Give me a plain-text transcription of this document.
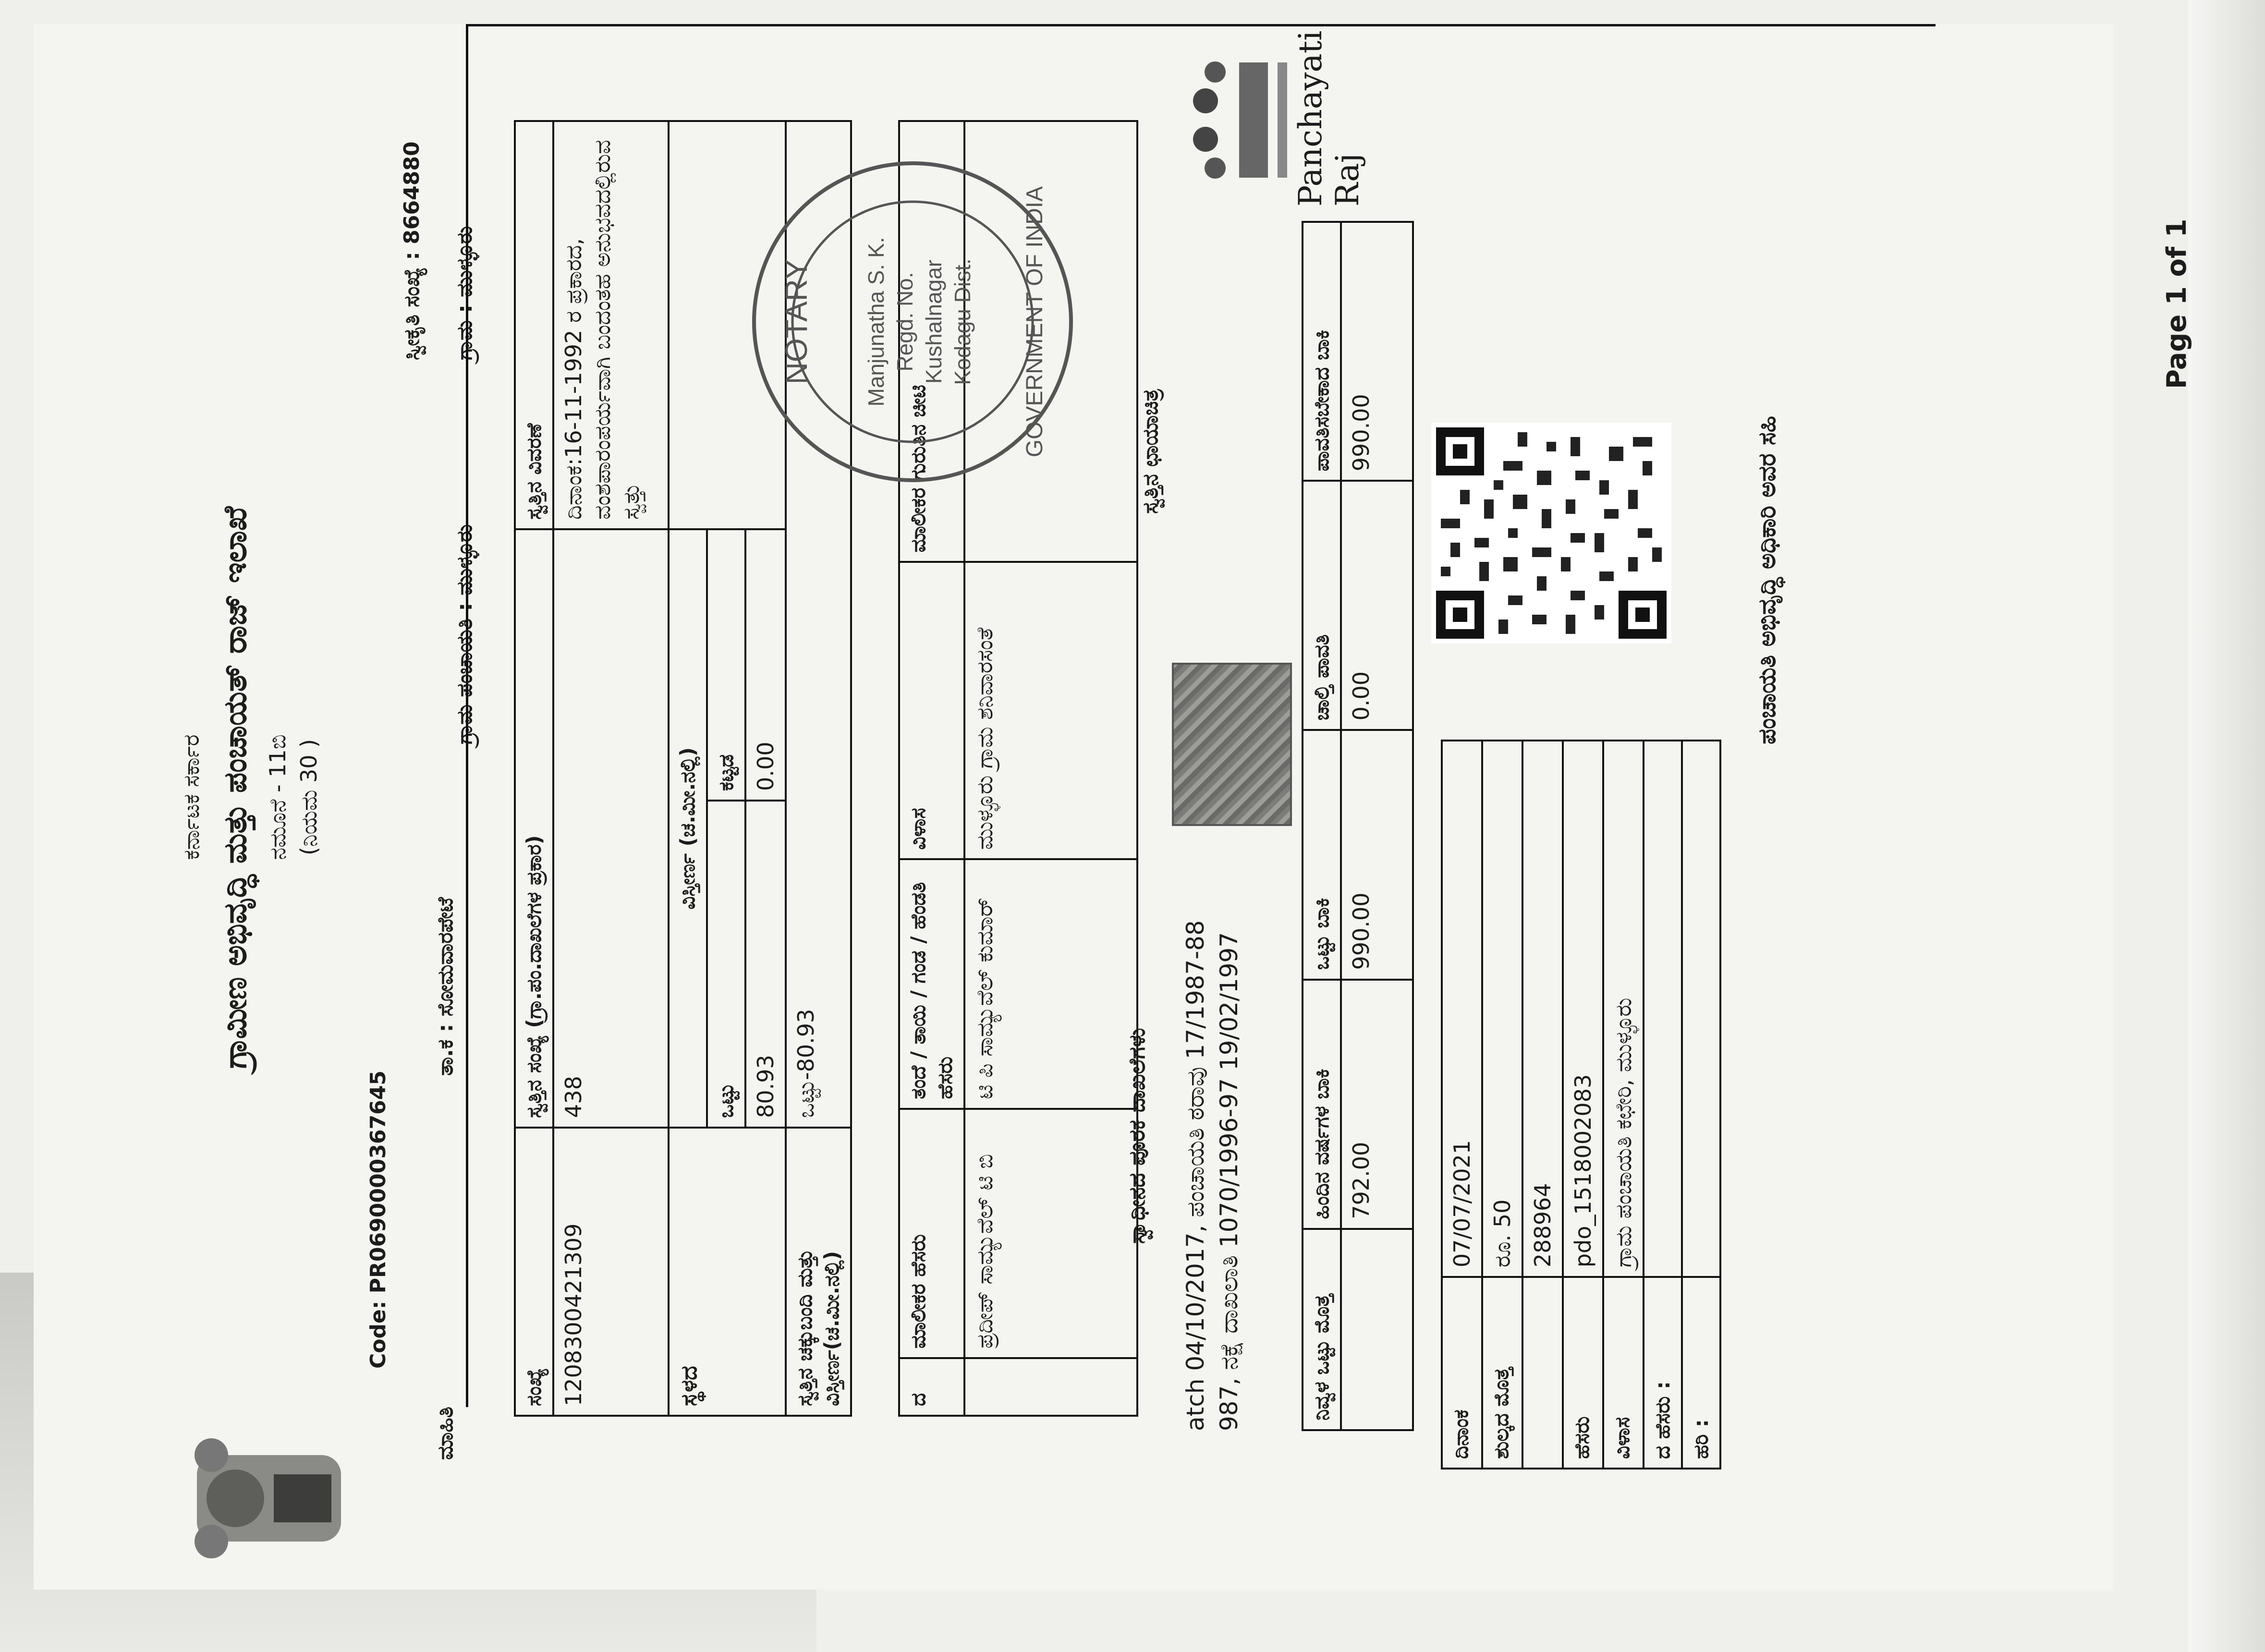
ಕರ್ನಾಟಕ ಸರ್ಕಾರ ಗ್ರಾಮೀಣ ಅಭಿವೃದ್ಧಿ ಮತ್ತು ಪಂಚಾಯತ್ ರಾಜ್ ಇಲಾಖೆ ನಮೂನೆ - 11ಬಿ (ನಿಯಮ 30 )
Code: PR0690000367645
ತಾ.ಕ : ಸೋಮವಾರಪೇಟೆ
ಗ್ರಾಮ ಪಂಚಾಯತಿ : ಮುಳ್ಳೂರು
ಗ್ರಾಮ : ಮುಳ್ಳೂರು
ಸ್ವೀಕೃತಿ ಸಂಖ್ಯೆ : 8664880
ಮಾಹಿತಿ
Panchayati Raj
ಸಂಖ್ಯೆ	ಸ್ವತ್ತಿನ ಸಂಖ್ಯೆ (ಗ್ರಾ.ಪಂ.ದಾಖಲೆಗಳ ಪ್ರಕಾರ)		ಸ್ವತ್ತಿನ ವಿವರಣೆ
1208300421309	438		ದಿನಾಂಕ:16-11-1992 ರ ಪ್ರಕಾರದ, ವಂಶಪಾರಂಪರ್ಯವಾಗಿ ಬಂದಂತಹ ಅನುಭವದಲ್ಲಿರುವ ಸ್ವತ್ತು
ಸ್ಥಳದ	ವಿಸ್ತೀರ್ಣ (ಚ.ಮೀ.ನಲ್ಲಿ)		
	ಒಟ್ಟು	ಕಟ್ಟಡ	
	80.93	0.00	
ಸ್ವತ್ತಿನ ಚಕ್ಕುಬಂದಿ ಮತ್ತು ವಿಸ್ತೀರ್ಣ(ಚ.ಮೀ.ನಲ್ಲಿ)	ಒಟ್ಟು-80.93		
ದ	ಮಾಲೀಕರ ಹೆಸರು	ತಂದೆ / ತಾಯಿ / ಗಂಡ / ಹೆಂಡತಿ ಹೆಸರು	ವಿಳಾಸ	ಮಾಲೀಕರ ಗುರುತಿನ ಚೀಟಿ
	ಪ್ರದೀಪ್ ಸಾಮ್ಯುವೆಲ್ ಟಿ ಬಿ	ಟಿ ಪಿ ಸಾಮ್ಯುವೆಲ್ ಕುಮಾರ್	ಮುಳ್ಳೂರು ಗ್ರಾಮ ಶನಿವಾರಸಂತೆ	
ಸ್ವಾಧೀನದ ಪೂರಕ ದಾಖಲೆಗಳು atch 04/10/2017, ಪಂಚಾಯತಿ ಠರಾವು 17/1987-88 987, ನಕ್ಷೆ ದಾಖಲಾತಿ 1070/1996-97 19/02/1997
ಸ್ವತ್ತಿನ ಛಾಯಾಚಿತ್ರ
ನಿವ್ವಳ ಒಟ್ಟು ಮೊತ್ತ	ಹಿಂದಿನ ವರ್ಷಗಳ ಬಾಕಿ	ಒಟ್ಟು ಬಾಕಿ	ಚಾಲ್ತಿ ಪಾವತಿ	ಪಾವತಿಸಬೇಕಾದ ಬಾಕಿ
	792.00	990.00	0.00	990.00
ದಿನಾಂಕ	07/07/2021
ಶುಲ್ಕದ ಮೊತ್ತ	ರೂ. 50
	288964
ಹೆಸರು	pdo_1518002083
ವಿಳಾಸ	ಗ್ರಾಮ ಪಂಚಾಯತಿ ಕಛೇರಿ, ಮುಳ್ಳೂರು
ದ ಹೆಸರು :	
ಹರಿ :	
ಪಂಚಾಯತಿ ಅಭಿವೃದ್ಧಿ ಅಧಿಕಾರಿ ಅವರ ಸಹಿ
NOTARY Manjunatha S. K. Regd. No. Kushalnagar Kodagu Dist. GOVERNMENT OF INDIA	Page 1 of 1
